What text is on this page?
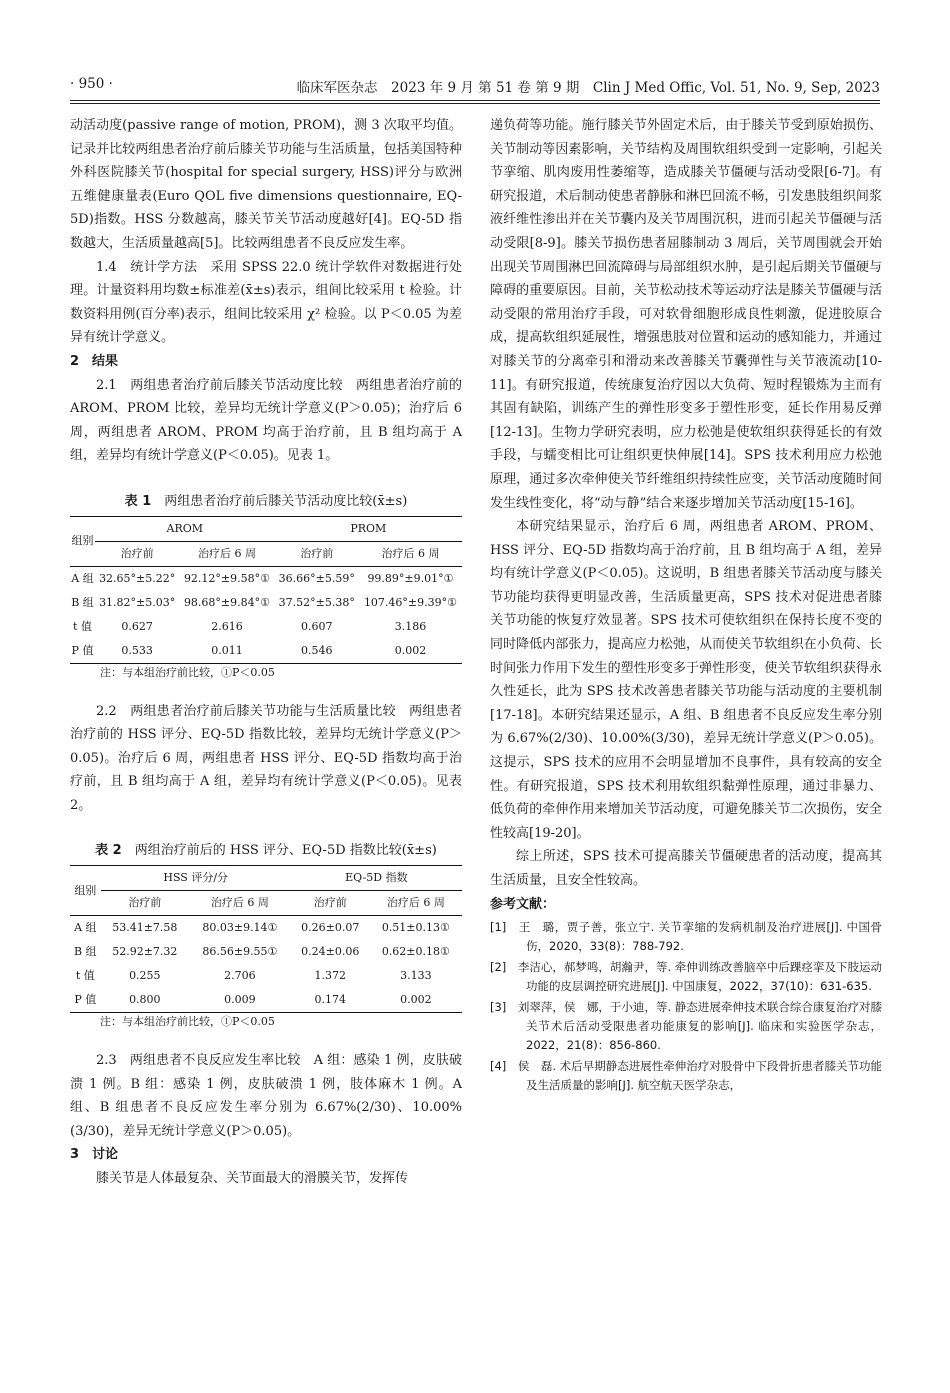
· 950 ·	临床军医杂志　2023 年 9 月 第 51 卷 第 9 期　Clin J Med Offic, Vol. 51, No. 9, Sep, 2023

动活动度(passive range of motion, PROM)，测 3 次取平均值。记录并比较两组患者治疗前后膝关节功能与生活质量，包括美国特种外科医院膝关节(hospital for special surgery, HSS)评分与欧洲五维健康量表(Euro QOL five dimensions questionnaire, EQ-5D)指数。HSS 分数越高，膝关节关节活动度越好[4]。EQ-5D 指数越大，生活质量越高[5]。比较两组患者不良反应发生率。

1.4　统计学方法　采用 SPSS 22.0 统计学软件对数据进行处理。计量资料用均数±标准差(x̄±s)表示，组间比较采用 t 检验。计数资料用例(百分率)表示，组间比较采用 χ² 检验。以 P＜0.05 为差异有统计学意义。

2　结果

2.1　两组患者治疗前后膝关节活动度比较　两组患者治疗前的 AROM、PROM 比较，差异均无统计学意义(P＞0.05)；治疗后 6 周，两组患者 AROM、PROM 均高于治疗前，且 B 组均高于 A 组，差异均有统计学意义(P＜0.05)。见表 1。

表 1　 两组患者治疗前后膝关节活动度比较(x̄±s)
组别	AROM		PROM	
	治疗前	治疗后 6 周	治疗前	治疗后 6 周
A 组	32.65°±5.22°	92.12°±9.58°①	36.66°±5.59°	99.89°±9.01°①
B 组	31.82°±5.03°	98.68°±9.84°①	37.52°±5.38°	107.46°±9.39°①
t 值	0.627	2.616	0.607	3.186
P 值	0.533	0.011	0.546	0.002
注：与本组治疗前比较，①P＜0.05

2.2　两组患者治疗前后膝关节功能与生活质量比较　两组患者治疗前的 HSS 评分、EQ-5D 指数比较，差异均无统计学意义(P＞0.05)。治疗后 6 周，两组患者 HSS 评分、EQ-5D 指数均高于治疗前，且 B 组均高于 A 组，差异均有统计学意义(P＜0.05)。见表 2。

表 2　 两组治疗前后的 HSS 评分、EQ-5D 指数比较(x̄±s)
组别	HSS 评分/分		EQ-5D 指数	
	治疗前	治疗后 6 周	治疗前	治疗后 6 周
A 组	53.41±7.58	80.03±9.14①	0.26±0.07	0.51±0.13①
B 组	52.92±7.32	86.56±9.55①	0.24±0.06	0.62±0.18①
t 值	0.255	2.706	1.372	3.133
P 值	0.800	0.009	0.174	0.002
注：与本组治疗前比较，①P＜0.05

2.3　两组患者不良反应发生率比较　A 组：感染 1 例，皮肤破溃 1 例。B 组：感染 1 例，皮肤破溃 1 例，肢体麻木 1 例。A 组、B 组患者不良反应发生率分别为 6.67%(2/30)、10.00%(3/30)，差异无统计学意义(P＞0.05)。

3　讨论

膝关节是人体最复杂、关节面最大的滑膜关节，发挥传

递负荷等功能。施行膝关节外固定术后，由于膝关节受到原始损伤、关节制动等因素影响，关节结构及周围软组织受到一定影响，引起关节挛缩、肌肉废用性萎缩等，造成膝关节僵硬与活动受限[6-7]。有研究报道，术后制动使患者静脉和淋巴回流不畅，引发患肢组织间浆液纤维性渗出并在关节囊内及关节周围沉积，进而引起关节僵硬与活动受限[8-9]。膝关节损伤患者屈膝制动 3 周后，关节周围就会开始出现关节周围淋巴回流障碍与局部组织水肿，是引起后期关节僵硬与障碍的重要原因。目前，关节松动技术等运动疗法是膝关节僵硬与活动受限的常用治疗手段，可对软骨细胞形成良性刺激，促进胶原合成，提高软组织延展性，增强患肢对位置和运动的感知能力，并通过对膝关节的分离牵引和滑动来改善膝关节囊弹性与关节液流动[10-11]。有研究报道，传统康复治疗因以大负荷、短时程锻炼为主而有其固有缺陷，训练产生的弹性形变多于塑性形变，延长作用易反弹[12-13]。生物力学研究表明，应力松弛是使软组织获得延长的有效手段，与蠕变相比可让组织更快伸展[14]。SPS 技术利用应力松弛原理，通过多次牵伸使关节纤维组织持续性应变，关节活动度随时间发生线性变化，将“动与静”结合来逐步增加关节活动度[15-16]。

本研究结果显示，治疗后 6 周，两组患者 AROM、PROM、HSS 评分、EQ-5D 指数均高于治疗前，且 B 组均高于 A 组，差异均有统计学意义(P＜0.05)。这说明，B 组患者膝关节活动度与膝关节功能均获得更明显改善，生活质量更高，SPS 技术对促进患者膝关节功能的恢复疗效显著。SPS 技术可使软组织在保持长度不变的同时降低内部张力，提高应力松弛，从而使关节软组织在小负荷、长时间张力作用下发生的塑性形变多于弹性形变，使关节软组织获得永久性延长，此为 SPS 技术改善患者膝关节功能与活动度的主要机制[17-18]。本研究结果还显示，A 组、B 组患者不良反应发生率分别为 6.67%(2/30)、10.00%(3/30)，差异无统计学意义(P＞0.05)。这提示，SPS 技术的应用不会明显增加不良事件，具有较高的安全性。有研究报道，SPS 技术利用软组织黏弹性原理，通过非暴力、低负荷的牵伸作用来增加关节活动度，可避免膝关节二次损伤，安全性较高[19-20]。

综上所述，SPS 技术可提高膝关节僵硬患者的活动度，提高其生活质量，且安全性较高。

参考文献：

[1]　王　璐，贾子善，张立宁. 关节挛缩的发病机制及治疗进展[J]. 中国骨伤，2020，33(8)：788-792.

[2]　李洁心，郝梦鸣，胡瀚尹，等. 牵伸训练改善脑卒中后踝痉挛及下肢运动功能的皮层调控研究进展[J]. 中国康复，2022，37(10)：631-635.

[3]　刘翠萍，侯　娜，于小迪，等. 静态进展牵伸技术联合综合康复治疗对膝关节术后活动受限患者功能康复的影响[J]. 临床和实验医学杂志，2022，21(8)：856-860.

[4]　侯　磊. 术后早期静态进展性牵伸治疗对股骨中下段骨折患者膝关节功能及生活质量的影响[J]. 航空航天医学杂志，
